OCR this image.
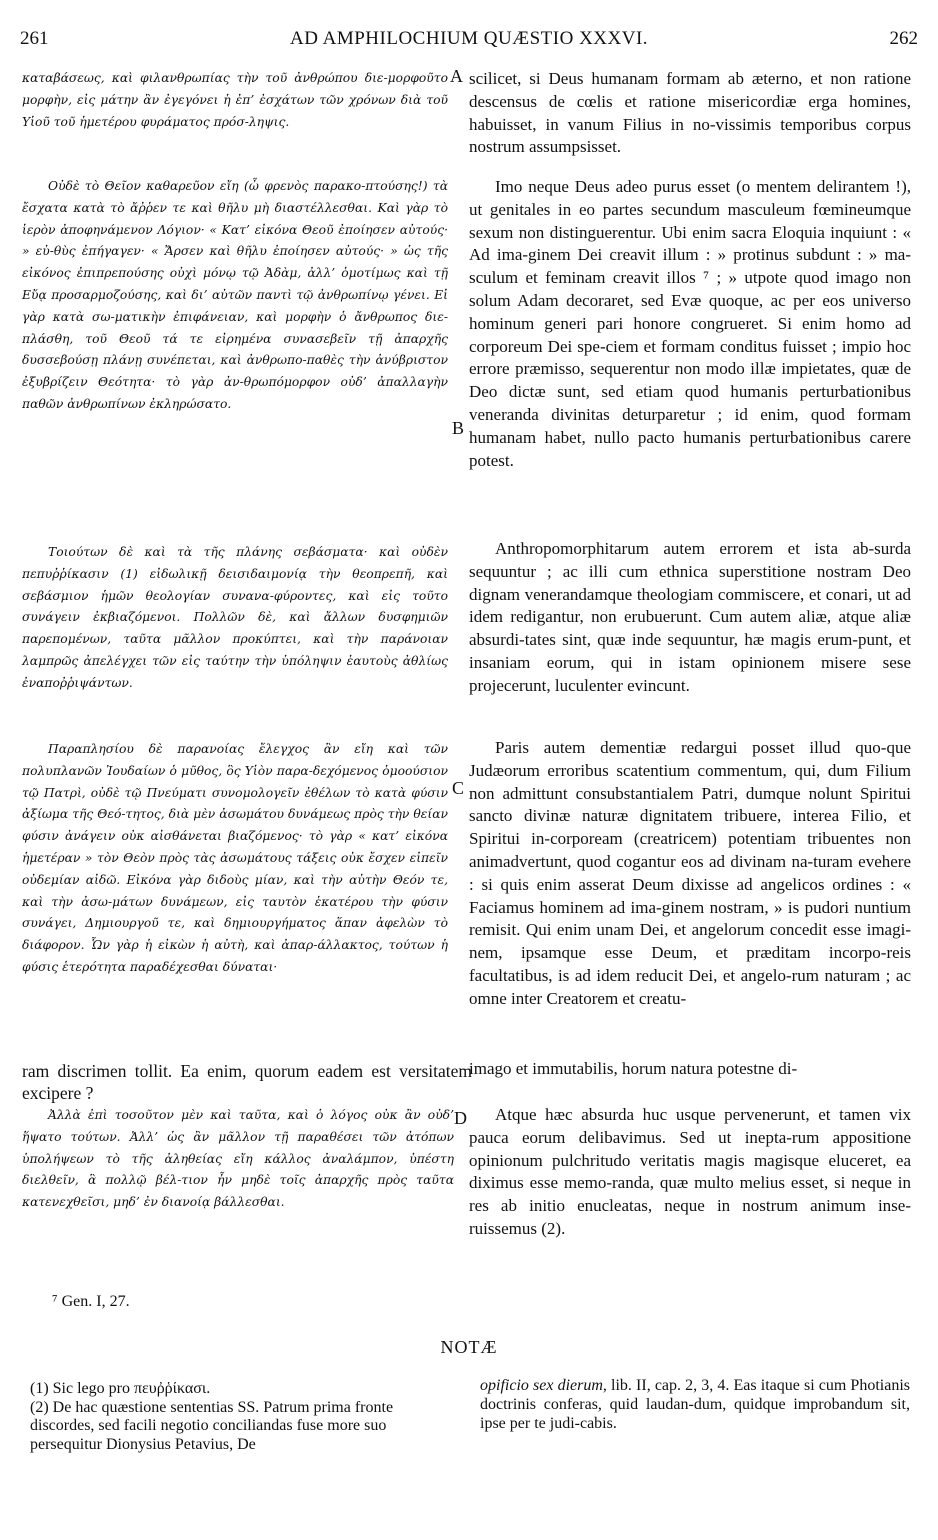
261	AD AMPHILOCHIUM QUÆSTIO XXXVI.	262

καταβάσεως, καὶ φιλανθρωπίας τὴν τοῦ ἀνθρώπου διε-μορφοῦτο μορφὴν, εἰς μάτην ἂν ἐγεγόνει ἡ ἐπ’ ἐσχάτων τῶν χρόνων διὰ τοῦ Υἱοῦ τοῦ ἡμετέρου φυράματος πρόσ-ληψις.

Οὐδὲ τὸ Θεῖον καθαρεῦον εἴη (ὦ φρενὸς παρακο-πτούσης!) τὰ ἔσχατα κατὰ τὸ ἄῤῥεν τε καὶ θῆλυ μὴ διαστέλλεσθαι. Καὶ γὰρ τὸ ἱερὸν ἀποφηνάμενον Λόγιον· « Κατ’ εἰκόνα Θεοῦ ἐποίησεν αὐτούς· » εὐ-θὺς ἐπήγαγεν· « Ἄρσεν καὶ θῆλυ ἐποίησεν αὐτούς· » ὡς τῆς εἰκόνος ἐπιπρεπούσης οὐχὶ μόνῳ τῷ Ἀδὰμ, ἀλλ’ ὁμοτίμως καὶ τῇ Εὔᾳ προσαρμοζούσης, καὶ δι’ αὐτῶν παντὶ τῷ ἀνθρωπίνῳ γένει. Εἰ γὰρ κατὰ σω-ματικὴν ἐπιφάνειαν, καὶ μορφὴν ὁ ἄνθρωπος διε-πλάσθη, τοῦ Θεοῦ τά τε εἰρημένα συνασεβεῖν τῇ ἀπαρχῆς δυσσεβούσῃ πλάνῃ συνέπεται, καὶ ἀνθρωπο-παθὲς τὴν ἀνύβριστον ἐξυβρίζειν Θεότητα· τὸ γὰρ ἀν-θρωπόμορφον οὐδ’ ἀπαλλαγὴν παθῶν ἀνθρωπίνων ἐκληρώσατο.

Τοιούτων δὲ καὶ τὰ τῆς πλάνης σεβάσματα· καὶ οὐδὲν πεπυῤῥίκασιν (1) εἰδωλικῇ δεισιδαιμονίᾳ τὴν θεοπρεπῆ, καὶ σεβάσμιον ἡμῶν θεολογίαν συνανα-φύροντες, καὶ εἰς τοῦτο συνάγειν ἐκβιαζόμενοι. Πολλῶν δὲ, καὶ ἄλλων δυσφημιῶν παρεπομένων, ταῦτα μᾶλλον προκύπτει, καὶ τὴν παράνοιαν λαμπρῶς ἀπελέγχει τῶν εἰς ταύτην τὴν ὑπόληψιν ἑαυτοὺς ἀθλίως ἐναποῤῥιψάντων.

Παραπλησίου δὲ παρανοίας ἔλεγχος ἂν εἴη καὶ τῶν πολυπλανῶν Ἰουδαίων ὁ μῦθος, ὃς Υἱὸν παρα-δεχόμενος ὁμοούσιον τῷ Πατρὶ, οὐδὲ τῷ Πνεύματι συνομολογεῖν ἐθέλων τὸ κατὰ φύσιν ἀξίωμα τῆς Θεό-τητος, διὰ μὲν ἀσωμάτου δυνάμεως πρὸς τὴν θείαν φύσιν ἀνάγειν οὐκ αἰσθάνεται βιαζόμενος· τὸ γὰρ « κατ’ εἰκόνα ἡμετέραν » τὸν Θεὸν πρὸς τὰς ἀσωμάτους τάξεις οὐκ ἔσχεν εἰπεῖν οὐδεμίαν αἰδῶ. Εἰκόνα γὰρ διδοὺς μίαν, καὶ τὴν αὐτὴν Θεόν τε, καὶ τὴν ἀσω-μάτων δυνάμεων, εἰς ταυτὸν ἑκατέρου τὴν φύσιν συνάγει, Δημιουργοῦ τε, καὶ δημιουργήματος ἅπαν ἀφελὼν τὸ διάφορον. Ὧν γὰρ ἡ εἰκὼν ἡ αὐτὴ, καὶ ἀπαρ-άλλακτος, τούτων ἡ φύσις ἑτερότητα παραδέχεσθαι δύναται·

Ἀλλὰ ἐπὶ τοσοῦτον μὲν καὶ ταῦτα, καὶ ὁ λόγος οὐκ ἂν οὐδ’ ἥψατο τούτων. Ἀλλ’ ὡς ἂν μᾶλλον τῇ παραθέσει τῶν ἀτόπων ὑπολήψεων τὸ τῆς ἀληθείας εἴη κάλλος ἀναλάμπον, ὑπέστη διελθεῖν, ἃ πολλῷ βέλ-τιον ἦν μηδὲ τοῖς ἀπαρχῆς πρὸς ταῦτα κατενεχθεῖσι, μηδ’ ἐν διανοίᾳ βάλλεσθαι.

A
B
C
D

scilicet, si Deus humanam formam ab æterno, et non ratione descensus de cœlis et ratione misericordiæ erga homines, habuisset, in vanum Filius in no-vissimis temporibus corpus nostrum assumpsisset.

Imo neque Deus adeo purus esset (o mentem delirantem !), ut genitales in eo partes secundum masculeum fœmineumque sexum non distinguerentur. Ubi enim sacra Eloquia inquiunt : « Ad ima-ginem Dei creavit illum : » protinus subdunt : » ma-sculum et feminam creavit illos ⁷ ; » utpote quod imago non solum Adam decoraret, sed Evæ quoque, ac per eos universo hominum generi pari honore congrueret. Si enim homo ad corporeum Dei spe-ciem et formam conditus fuisset ; impio hoc errore præmisso, sequerentur non modo illæ impietates, quæ de Deo dictæ sunt, sed etiam quod humanis perturbationibus veneranda divinitas deturparetur ; id enim, quod formam humanam habet, nullo pacto humanis perturbationibus carere potest.

Anthropomorphitarum autem errorem et ista ab-surda sequuntur ; ac illi cum ethnica superstitione nostram Deo dignam venerandamque theologiam commiscere, et conari, ut ad idem redigantur, non erubuerunt. Cum autem aliæ, atque aliæ absurdi-tates sint, quæ inde sequuntur, hæ magis erum-punt, et insaniam eorum, qui in istam opinionem misere sese projecerunt, luculenter evincunt.

Paris autem dementiæ redargui posset illud quo-que Judæorum erroribus scatentium commentum, qui, dum Filium non admittunt consubstantialem Patri, dumque nolunt Spiritui sancto divinæ naturæ dignitatem tribuere, interea Filio, et Spiritui in-corpoream (creatricem) potentiam tribuentes non animadvertunt, quod cogantur eos ad divinam na-turam evehere : si quis enim asserat Deum dixisse ad angelicos ordines : « Faciamus hominem ad ima-ginem nostram, » is pudori nuntium remisit. Qui enim unam Dei, et angelorum concedit esse imagi-nem, ipsamque esse Deum, et præditam incorpo-reis facultatibus, is ad idem reducit Dei, et angelo-rum naturam ; ac omne inter Creatorem et creatu-

imago et immutabilis, horum natura potestne di-

ram discrimen tollit. Ea enim, quorum eadem est versitatem excipere ?

Atque hæc absurda huc usque pervenerunt, et tamen vix pauca eorum delibavimus. Sed ut inepta-rum appositione opinionum pulchritudo veritatis magis magisque eluceret, ea diximus esse memo-randa, quæ multo melius esset, si neque in res ab initio enucleatas, neque in nostrum animum inse-ruissemus (2).

⁷ Gen. I, 27.
NOTÆ
(1) Sic lego pro πευῤῥίκασι.
(2) De hac quæstione sententias SS. Patrum prima fronte discordes, sed facili negotio conciliandas fuse more suo persequitur Dionysius Petavius, De
opificio sex dierum, lib. II, cap. 2, 3, 4. Eas itaque si cum Photianis doctrinis conferas, quid laudan-dum, quidque improbandum sit, ipse per te judi-cabis.
